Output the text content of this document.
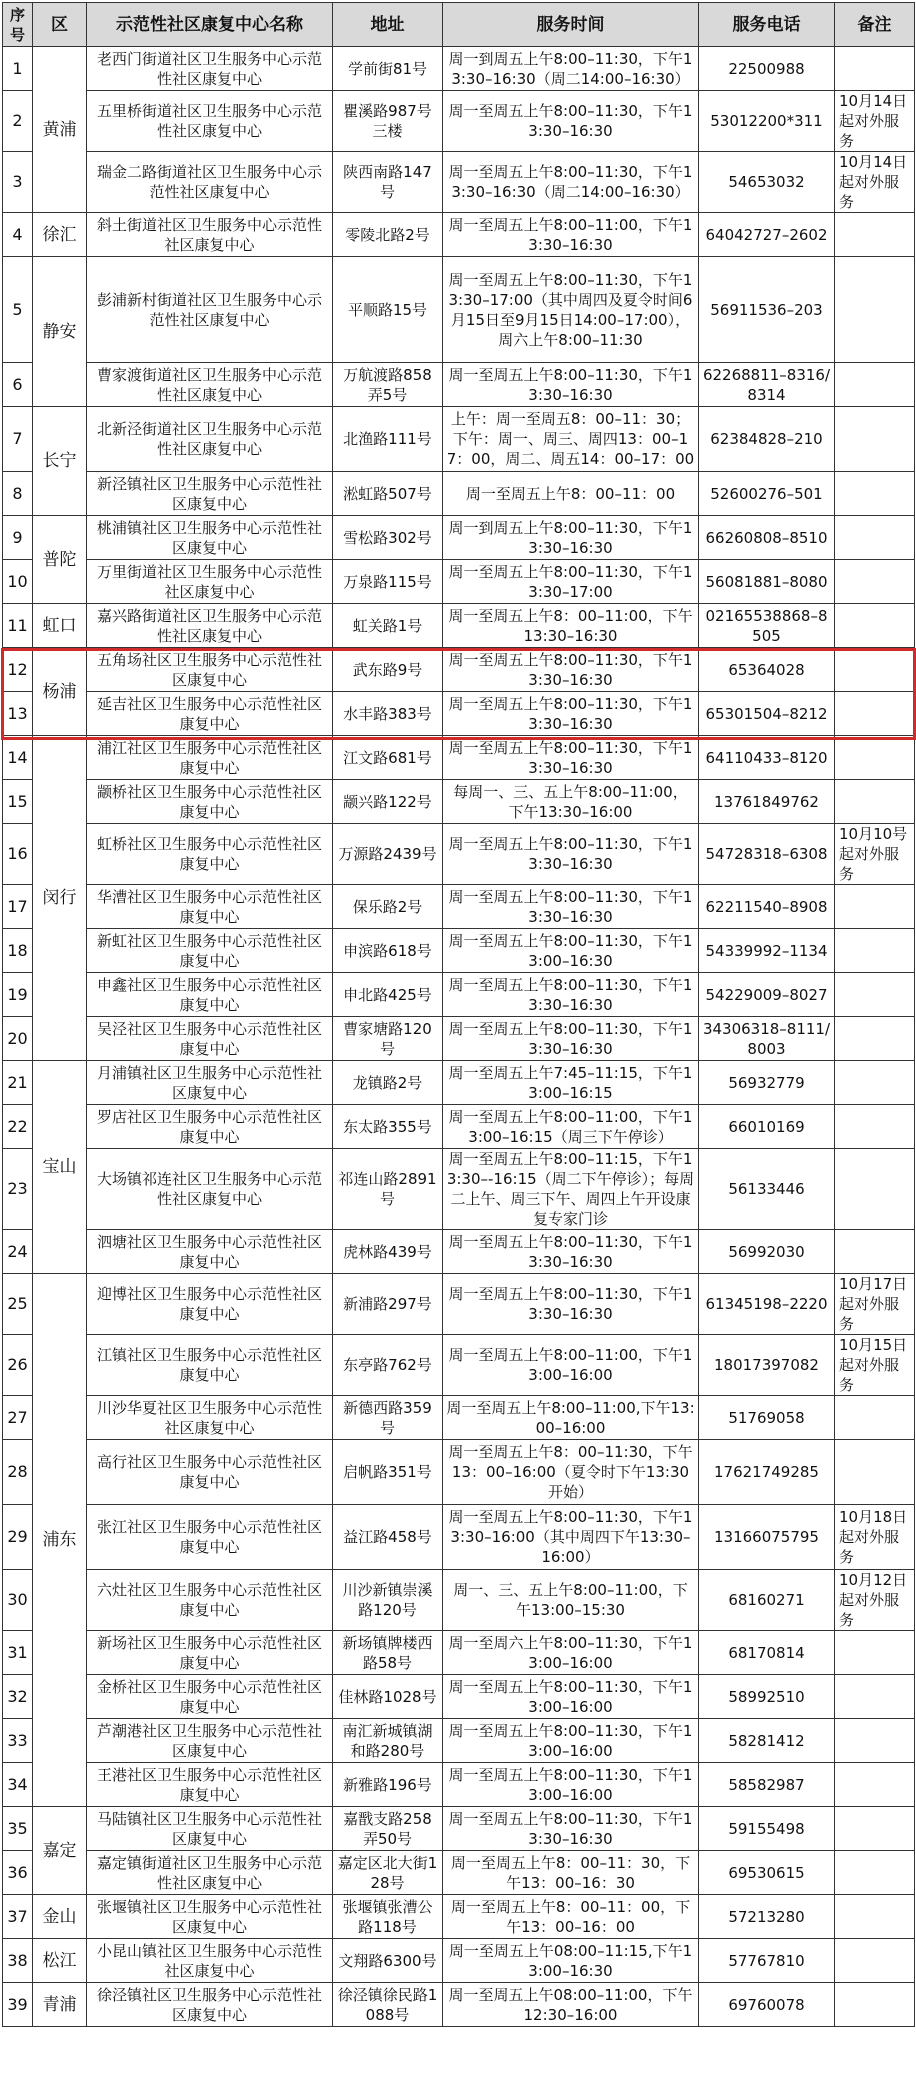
序号	区	示范性社区康复中心名称	地址	服务时间	服务电话	备注
1	黄浦	老西门街道社区卫生服务中心示范性社区康复中心	学前街81号	周一到周五上午8:00–11:30，下午13:30–16:30（周二14:00–16:30）	22500988	
2		五里桥街道社区卫生服务中心示范性社区康复中心	瞿溪路987号三楼	周一至周五上午8:00–11:30，下午13:30–16:30	53012200*311	10月14日起对外服务
3		瑞金二路街道社区卫生服务中心示范性社区康复中心	陕西南路147号	周一至周五上午8:00–11:30，下午13:30–16:30（周二14:00–16:30）	54653032	10月14日起对外服务
4	徐汇	斜土街道社区卫生服务中心示范性社区康复中心	零陵北路2号	周一至周五上午8:00–11:00，下午13:30–16:30	64042727–2602	
5	静安	彭浦新村街道社区卫生服务中心示范性社区康复中心	平顺路15号	周一至周五上午8:00–11:30，下午13:30–17:00（其中周四及夏令时间6月15日至9月15日14:00–17:00），周六上午8:00–11:30	56911536–203	
6		曹家渡街道社区卫生服务中心示范性社区康复中心	万航渡路858弄5号	周一至周五上午8:00–11:30，下午13:30–16:30	62268811–8316/8314	
7	长宁	北新泾街道社区卫生服务中心示范性社区康复中心	北渔路111号	上午：周一至周五8：00–11：30；下午：周一、周三、周四13：00–17：00，周二、周五14：00–17：00	62384828–210	
8		新泾镇社区卫生服务中心示范性社区康复中心	淞虹路507号	周一至周五上午8：00–11：00	52600276–501	
9	普陀	桃浦镇社区卫生服务中心示范性社区康复中心	雪松路302号	周一到周五上午8:00–11:30，下午13:30–16:30	66260808–8510	
10		万里街道社区卫生服务中心示范性社区康复中心	万泉路115号	周一至周五上午8:00–11:30，下午13:30–17:00	56081881–8080	
11	虹口	嘉兴路街道社区卫生服务中心示范性社区康复中心	虹关路1号	周一至周五上午8：00–11:00，下午13:30–16:30	02165538868–8505	
12	杨浦	五角场社区卫生服务中心示范性社区康复中心	武东路9号	周一至周五上午8:00–11:30，下午13:30–16:30	65364028	
13		延吉社区卫生服务中心示范性社区康复中心	水丰路383号	周一至周五上午8:00–11:30，下午13:30–16:30	65301504–8212	
14	闵行	浦江社区卫生服务中心示范性社区康复中心	江文路681号	周一至周五上午8:00–11:30，下午13:30–16:30	64110433–8120	
15		颛桥社区卫生服务中心示范性社区康复中心	颛兴路122号	每周一、三、五上午8:00–11:00，下午13:30–16:00	13761849762	
16		虹桥社区卫生服务中心示范性社区康复中心	万源路2439号	周一至周五上午8:00–11:30，下午13:30–16:30	54728318–6308	10月10号起对外服务
17		华漕社区卫生服务中心示范性社区康复中心	保乐路2号	周一至周五上午8:00–11:30，下午13:30–16:30	62211540–8908	
18		新虹社区卫生服务中心示范性社区康复中心	申滨路618号	周一至周五上午8:00–11:30，下午13:00–16:30	54339992–1134	
19		申鑫社区卫生服务中心示范性社区康复中心	申北路425号	周一至周五上午8:00–11:30，下午13:30–16:30	54229009–8027	
20		吴泾社区卫生服务中心示范性社区康复中心	曹家塘路120号	周一至周五上午8:00–11:30，下午13:30–16:30	34306318–8111/8003	
21	宝山	月浦镇社区卫生服务中心示范性社区康复中心	龙镇路2号	周一至周五上午7:45–11:15，下午13:00–16:15	56932779	
22		罗店社区卫生服务中心示范性社区康复中心	东太路355号	周一至周五上午8:00–11:00，下午13:00–16:15（周三下午停诊）	66010169	
23		大场镇祁连社区卫生服务中心示范性社区康复中心	祁连山路2891号	周一至周五上午8:00–11:15，下午13:30–-16:15（周二下午停诊）；每周二上午、周三下午、周四上午开设康复专家门诊	56133446	
24		泗塘社区卫生服务中心示范性社区康复中心	虎林路439号	周一至周五上午8:00–11:30，下午13:30–16:30	56992030	
25	浦东	迎博社区卫生服务中心示范性社区康复中心	新浦路297号	周一至周五上午8:00–11:30，下午13:30–16:30	61345198–2220	10月17日起对外服务
26		江镇社区卫生服务中心示范性社区康复中心	东亭路762号	周一至周五上午8:00–11:00，下午13:00–16:00	18017397082	10月15日起对外服务
27		川沙华夏社区卫生服务中心示范性社区康复中心	新德西路359号	周一至周五上午8:00–11:00,下午13:00–16:00	51769058	
28		高行社区卫生服务中心示范性社区康复中心	启帆路351号	周一至周五上午8：00–11:30，下午13：00–16:00（夏令时下午13:30开始）	17621749285	
29		张江社区卫生服务中心示范性社区康复中心	益江路458号	周一至周五上午8:00–11:30，下午13:30–16:00（其中周四下午13:30–16:00）	13166075795	10月18日起对外服务
30		六灶社区卫生服务中心示范性社区康复中心	川沙新镇崇溪路120号	周一、三、五上午8:00–11:00，下午13:00–15:30	68160271	10月12日起对外服务
31		新场社区卫生服务中心示范性社区康复中心	新场镇牌楼西路58号	周一至周六上午8:00–11:30，下午13:00–16:00	68170814	
32		金桥社区卫生服务中心示范性社区康复中心	佳林路1028号	周一至周五上午8:00–11:30，下午13:00–16:00	58992510	
33		芦潮港社区卫生服务中心示范性社区康复中心	南汇新城镇湖和路280号	周一至周五上午8:00–11:30，下午13:00–16:00	58281412	
34		王港社区卫生服务中心示范性社区康复中心	新雅路196号	周一至周五上午8:00–11:30，下午13:00–16:00	58582987	
35	嘉定	马陆镇社区卫生服务中心示范性社区康复中心	嘉戬支路258弄50号	周一至周五上午8:00–11:30，下午13:30–16:30	59155498	
36		嘉定镇街道社区卫生服务中心示范性社区康复中心	嘉定区北大街128号	周一至周五上午8：00–11：30，下午13：00–16：30	69530615	
37	金山	张堰镇社区卫生服务中心示范性社区康复中心	张堰镇张漕公路118号	周一至周五上午8：00–11：00，下午13：00–16：00	57213280	
38	松江	小昆山镇社区卫生服务中心示范性社区康复中心	文翔路6300号	周一至周五上午08:00–11:15,下午13:00–16:30	57767810	
39	青浦	徐泾镇社区卫生服务中心示范性社区康复中心	徐泾镇徐民路1088号	周一至周五上午08:00–11:00，下午12:30–16:00	69760078	
